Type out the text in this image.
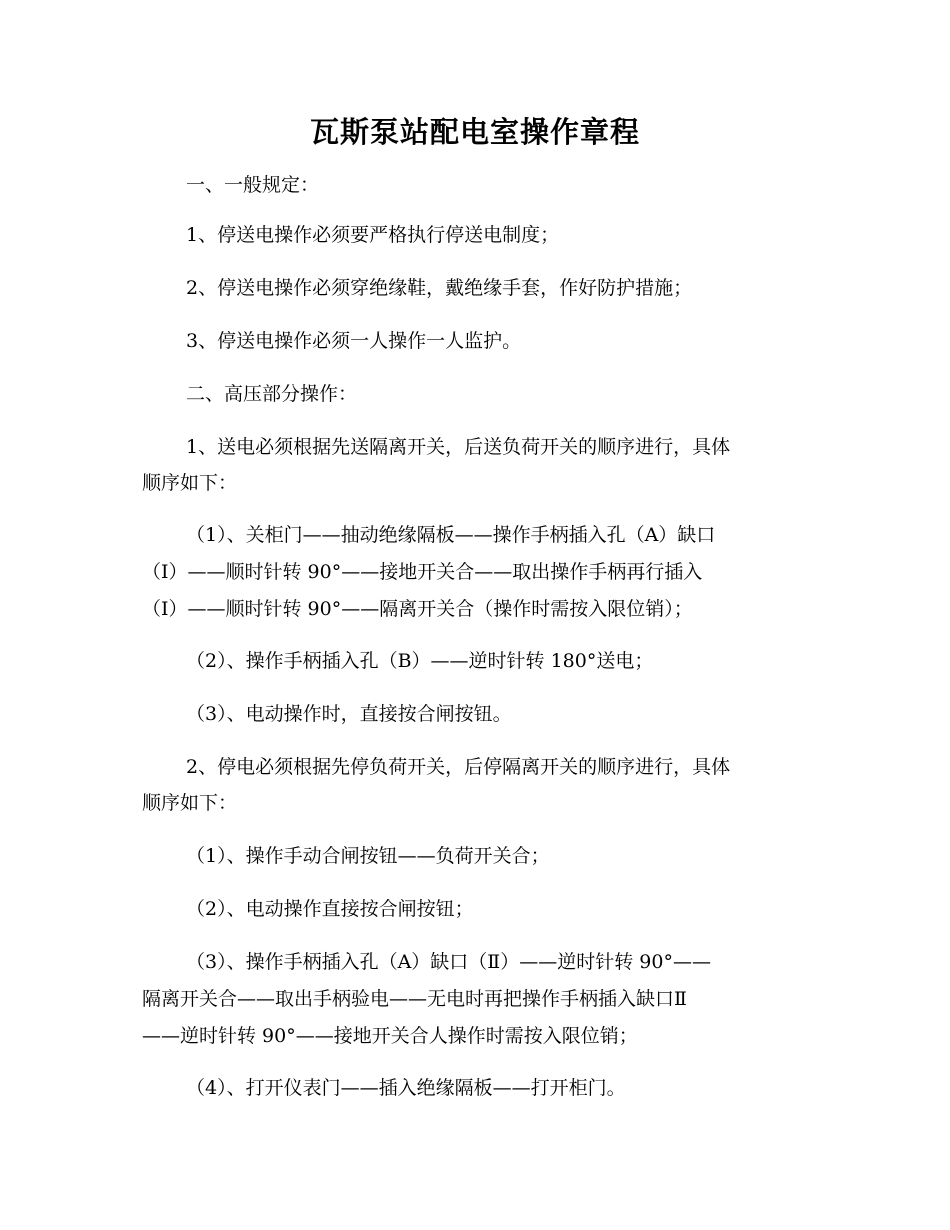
瓦斯泵站配电室操作章程

一、一般规定：

1、停送电操作必须要严格执行停送电制度；

2、停送电操作必须穿绝缘鞋，戴绝缘手套，作好防护措施；

3、停送电操作必须一人操作一人监护。

二、高压部分操作：

1、送电必须根据先送隔离开关，后送负荷开关的顺序进行，具体

顺序如下：

（1）、关柜门——抽动绝缘隔板——操作手柄插入孔（A）缺口

（Ⅰ）——顺时针转 90°——接地开关合——取出操作手柄再行插入

（Ⅰ）——顺时针转 90°——隔离开关合（操作时需按入限位销）；

（2）、操作手柄插入孔（B）——逆时针转 180°送电；

（3）、电动操作时，直接按合闸按钮。

2、停电必须根据先停负荷开关，后停隔离开关的顺序进行，具体

顺序如下：

（1）、操作手动合闸按钮——负荷开关合；

（2）、电动操作直接按合闸按钮；

（3）、操作手柄插入孔（A）缺口（Ⅱ）——逆时针转 90°——

隔离开关合——取出手柄验电——无电时再把操作手柄插入缺口Ⅱ

——逆时针转 90°——接地开关合人操作时需按入限位销；

（4）、打开仪表门——插入绝缘隔板——打开柜门。
